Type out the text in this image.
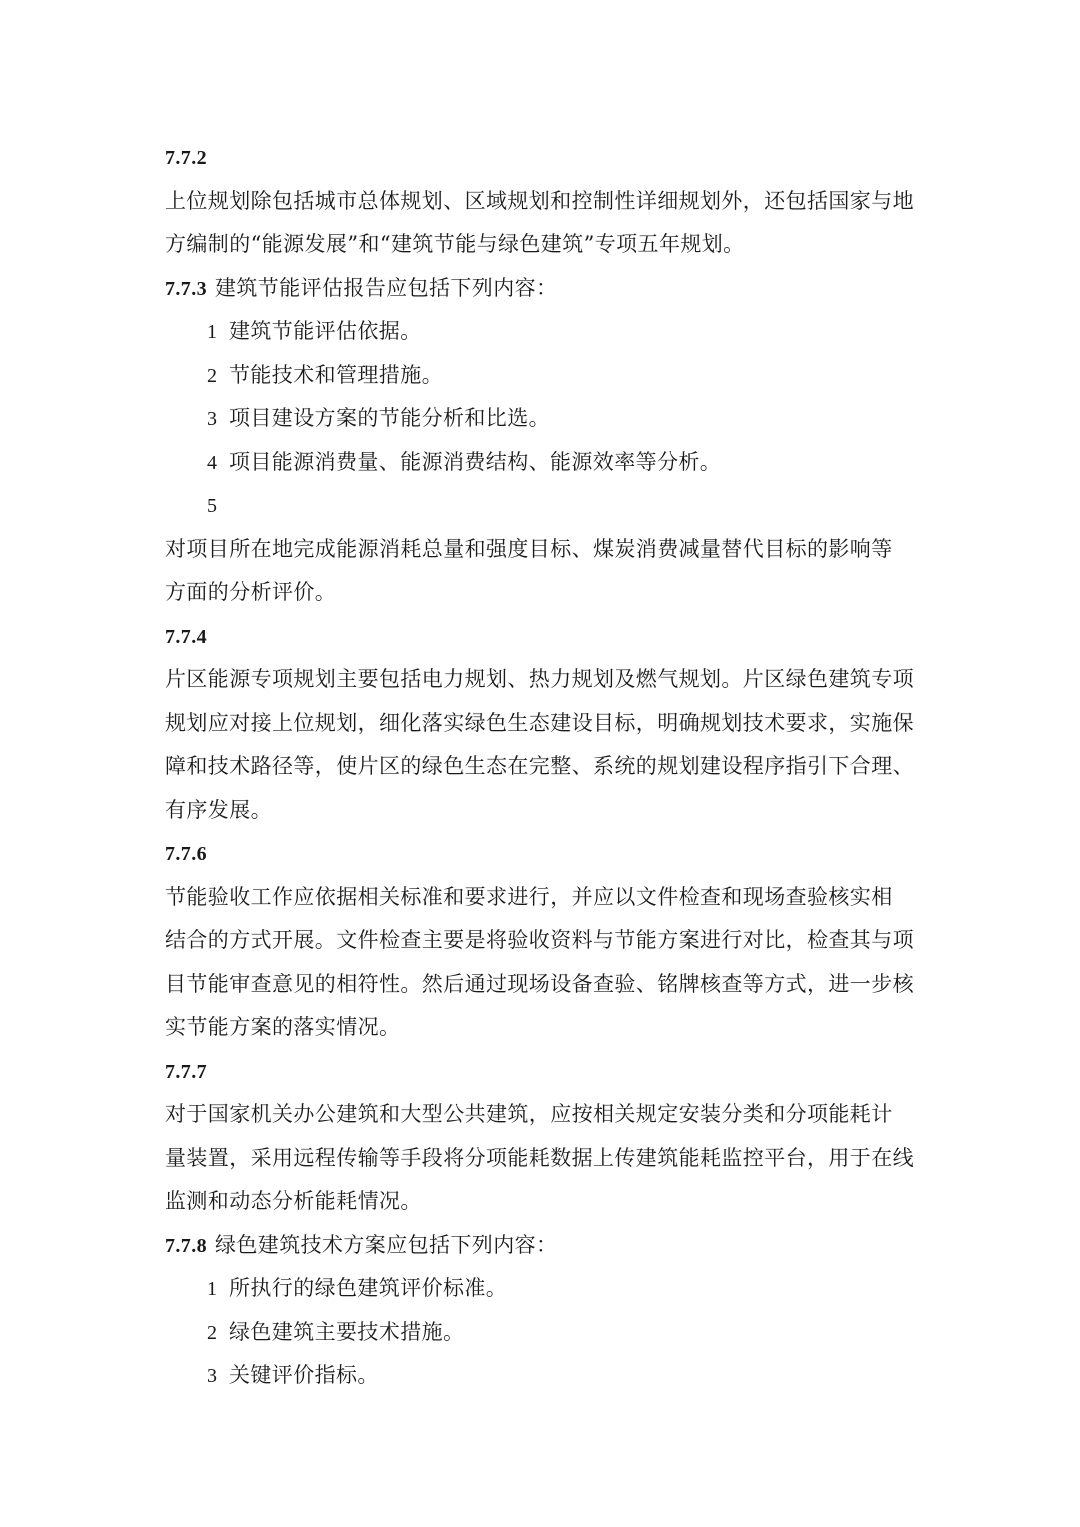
7.7.2
上位规划除包括城市总体规划、区域规划和控制性详细规划外，还包括国家与地
方编制的“能源发展”和“建筑节能与绿色建筑”专项五年规划。
7.7.3 建筑节能评估报告应包括下列内容：
1 建筑节能评估依据。
2 节能技术和管理措施。
3 项目建设方案的节能分析和比选。
4 项目能源消费量、能源消费结构、能源效率等分析。
5
对项目所在地完成能源消耗总量和强度目标、煤炭消费减量替代目标的影响等
方面的分析评价。
7.7.4
片区能源专项规划主要包括电力规划、热力规划及燃气规划。片区绿色建筑专项
规划应对接上位规划，细化落实绿色生态建设目标，明确规划技术要求，实施保
障和技术路径等，使片区的绿色生态在完整、系统的规划建设程序指引下合理、
有序发展。
7.7.6
节能验收工作应依据相关标准和要求进行，并应以文件检查和现场查验核实相
结合的方式开展。文件检查主要是将验收资料与节能方案进行对比，检查其与项
目节能审查意见的相符性。然后通过现场设备查验、铭牌核查等方式，进一步核
实节能方案的落实情况。
7.7.7
对于国家机关办公建筑和大型公共建筑，应按相关规定安装分类和分项能耗计
量装置，采用远程传输等手段将分项能耗数据上传建筑能耗监控平台，用于在线
监测和动态分析能耗情况。
7.7.8 绿色建筑技术方案应包括下列内容：
1 所执行的绿色建筑评价标准。
2 绿色建筑主要技术措施。
3 关键评价指标。
